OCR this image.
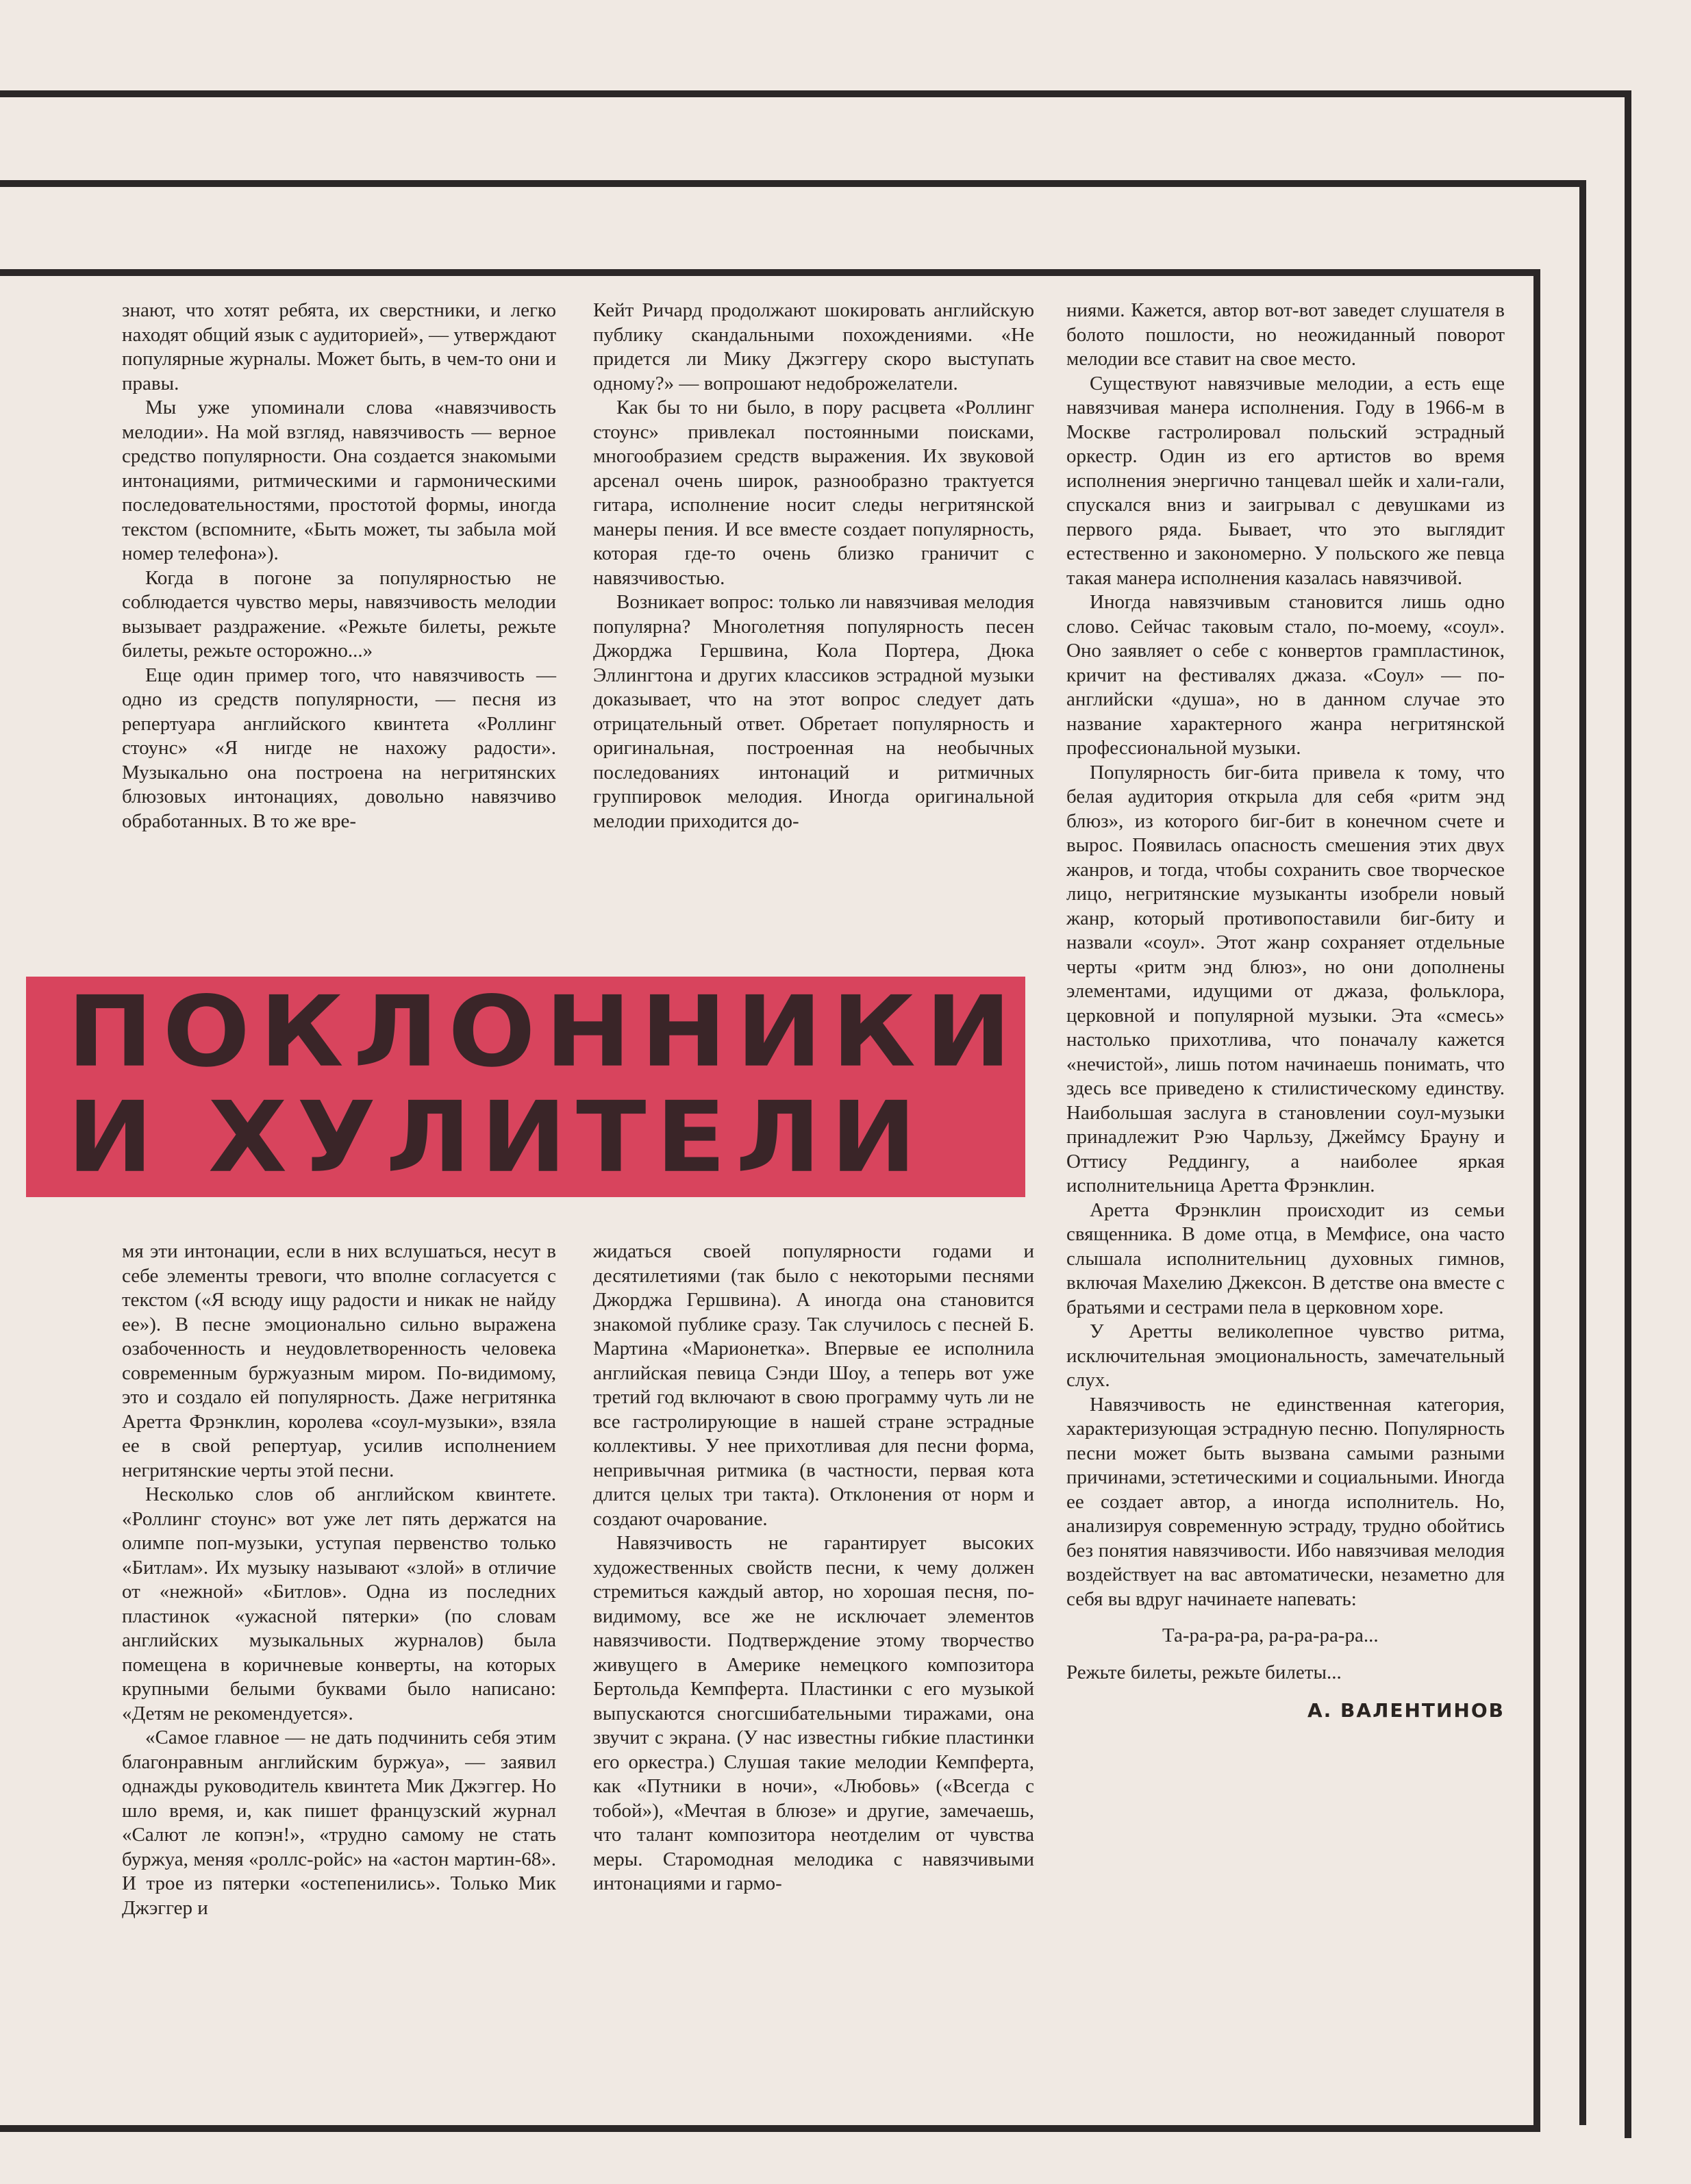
знают, что хотят ребята, их сверстники, и легко находят общий язык с аудиторией», — утверждают популярные журналы. Может быть, в чем-то они и правы.

Мы уже упоминали слова «навязчивость мелодии». На мой взгляд, навязчивость — верное средство популярности. Она создается знакомыми интонациями, ритмическими и гармоническими последовательностями, простотой формы, иногда текстом (вспомните, «Быть может, ты забыла мой номер телефона»).

Когда в погоне за популярностью не соблюдается чувство меры, навязчивость мелодии вызывает раздражение. «Режьте билеты, режьте билеты, режьте осторожно...»

Еще один пример того, что навязчивость — одно из средств популярности, — песня из репертуара английского квинтета «Роллинг стоунс» «Я нигде не нахожу радости». Музыкально она построена на негритянских блюзовых интонациях, довольно навязчиво обработанных. В то же вре-

Кейт Ричард продолжают шокировать английскую публику скандальными похождениями. «Не придется ли Мику Джэггеру скоро выступать одному?» — вопрошают недоброжелатели.

Как бы то ни было, в пору расцвета «Роллинг стоунс» привлекал постоянными поисками, многообразием средств выражения. Их звуковой арсенал очень широк, разнообразно трактуется гитара, исполнение носит следы негритянской манеры пения. И все вместе создает популярность, которая где-то очень близко граничит с навязчивостью.

Возникает вопрос: только ли навязчивая мелодия популярна? Многолетняя популярность песен Джорджа Гершвина, Кола Портера, Дюка Эллингтона и других классиков эстрадной музыки доказывает, что на этот вопрос следует дать отрицательный ответ. Обретает популярность и оригинальная, построенная на необычных последованиях интонаций и ритмичных группировок мелодия. Иногда оригинальной мелодии приходится до-

ПОКЛОННИКИ
И ХУЛИТЕЛИ

ниями. Кажется, автор вот-вот заведет слушателя в болото пошлости, но неожиданный поворот мелодии все ставит на свое место.

Существуют навязчивые мелодии, а есть еще навязчивая манера исполнения. Году в 1966-м в Москве гастролировал польский эстрадный оркестр. Один из его артистов во время исполнения энергично танцевал шейк и хали-гали, спускался вниз и заигрывал с девушками из первого ряда. Бывает, что это выглядит естественно и закономерно. У польского же певца такая манера исполнения казалась навязчивой.

Иногда навязчивым становится лишь одно слово. Сейчас таковым стало, по-моему, «соул». Оно заявляет о себе с конвертов грампластинок, кричит на фестивалях джаза. «Соул» — по-английски «душа», но в данном случае это название характерного жанра негритянской профессиональной музыки.

Популярность биг-бита привела к тому, что белая аудитория открыла для себя «ритм энд блюз», из которого биг-бит в конечном счете и вырос. Появилась опасность смешения этих двух жанров, и тогда, чтобы сохранить свое творческое лицо, негритянские музыканты изобрели новый жанр, который противопоставили биг-биту и назвали «соул». Этот жанр сохраняет отдельные черты «ритм энд блюз», но они дополнены элементами, идущими от джаза, фольклора, церковной и популярной музыки. Эта «смесь» настолько прихотлива, что поначалу кажется «нечистой», лишь потом начинаешь понимать, что здесь все приведено к стилистическому единству. Наибольшая заслуга в становлении соул-музыки принадлежит Рэю Чарльзу, Джеймсу Брауну и Оттису Реддингу, а наиболее яркая исполнительница Аретта Фрэнклин.

Аретта Фрэнклин происходит из семьи священника. В доме отца, в Мемфисе, она часто слышала исполнительниц духовных гимнов, включая Махелию Джексон. В детстве она вместе с братьями и сестрами пела в церковном хоре.

У Аретты великолепное чувство ритма, исключительная эмоциональность, замечательный слух.

Навязчивость не единственная категория, характеризующая эстрадную песню. Популярность песни может быть вызвана самыми разными причинами, эстетическими и социальными. Иногда ее создает автор, а иногда исполнитель. Но, анализируя современную эстраду, трудно обойтись без понятия навязчивости. Ибо навязчивая мелодия воздействует на вас автоматически, незаметно для себя вы вдруг начинаете напевать:

Та-ра-ра-ра, ра-ра-ра-ра...

Режьте билеты, режьте билеты...

А. ВАЛЕНТИНОВ

мя эти интонации, если в них вслушаться, несут в себе элементы тревоги, что вполне согласуется с текстом («Я всюду ищу радости и никак не найду ее»). В песне эмоционально сильно выражена озабоченность и неудовлетворенность человека современным буржуазным миром. По-видимому, это и создало ей популярность. Даже негритянка Аретта Фрэнклин, королева «соул-музыки», взяла ее в свой репертуар, усилив исполнением негритянские черты этой песни.

Несколько слов об английском квинтете. «Роллинг стоунс» вот уже лет пять держатся на олимпе поп-музыки, уступая первенство только «Битлам». Их музыку называют «злой» в отличие от «нежной» «Битлов». Одна из последних пластинок «ужасной пятерки» (по словам английских музыкальных журналов) была помещена в коричневые конверты, на которых крупными белыми буквами было написано: «Детям не рекомендуется».

«Самое главное — не дать подчинить себя этим благонравным английским буржуа», — заявил однажды руководитель квинтета Мик Джэггер. Но шло время, и, как пишет французский журнал «Салют ле копэн!», «трудно самому не стать буржуа, меняя «роллс-ройс» на «астон мартин-68». И трое из пятерки «остепенились». Только Мик Джэггер и

жидаться своей популярности годами и десятилетиями (так было с некоторыми песнями Джорджа Гершвина). А иногда она становится знакомой публике сразу. Так случилось с песней Б. Мартина «Марионетка». Впервые ее исполнила английская певица Сэнди Шоу, а теперь вот уже третий год включают в свою программу чуть ли не все гастролирующие в нашей стране эстрадные коллективы. У нее прихотливая для песни форма, непривычная ритмика (в частности, первая кота длится целых три такта). Отклонения от норм и создают очарование.

Навязчивость не гарантирует высоких художественных свойств песни, к чему должен стремиться каждый автор, но хорошая песня, по-видимому, все же не исключает элементов навязчивости. Подтверждение этому творчество живущего в Америке немецкого композитора Бертольда Кемпферта. Пластинки с его музыкой выпускаются сногсшибательными тиражами, она звучит с экрана. (У нас известны гибкие пластинки его оркестра.) Слушая такие мелодии Кемпферта, как «Путники в ночи», «Любовь» («Всегда с тобой»), «Мечтая в блюзе» и другие, замечаешь, что талант композитора неотделим от чувства меры. Старомодная мелодика с навязчивыми интонациями и гармо-
